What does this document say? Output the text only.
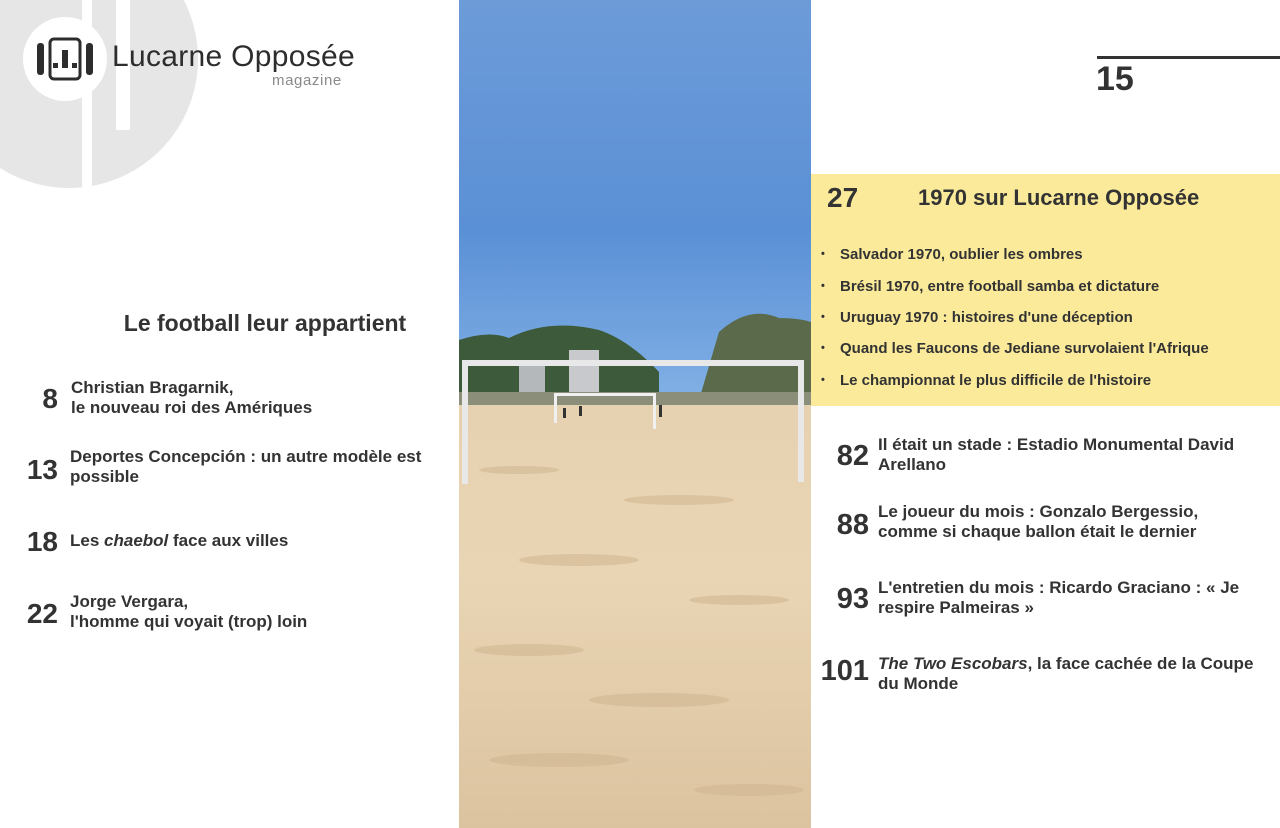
Lucarne Opposée
magazine
Le football leur appartient
8 Christian Bragarnik,
le nouveau roi des Amériques
13 Deportes Concepción : un autre modèle est possible
18 Les chaebol face aux villes
22 Jorge Vergara,
l'homme qui voyait (trop) loin
15
27	1970 sur Lucarne Opposée
• Salvador 1970, oublier les ombres
• Brésil 1970, entre football samba et dictature
• Uruguay 1970 : histoires d'une déception
• Quand les Faucons de Jediane survolaient l'Afrique
• Le championnat le plus difficile de l'histoire
82 Il était un stade : Estadio Monumental David Arellano
88 Le joueur du mois : Gonzalo Bergessio,
comme si chaque ballon était le dernier
93 L'entretien du mois : Ricardo Graciano : « Je respire Palmeiras »
101 The Two Escobars, la face cachée de la Coupe du Monde
